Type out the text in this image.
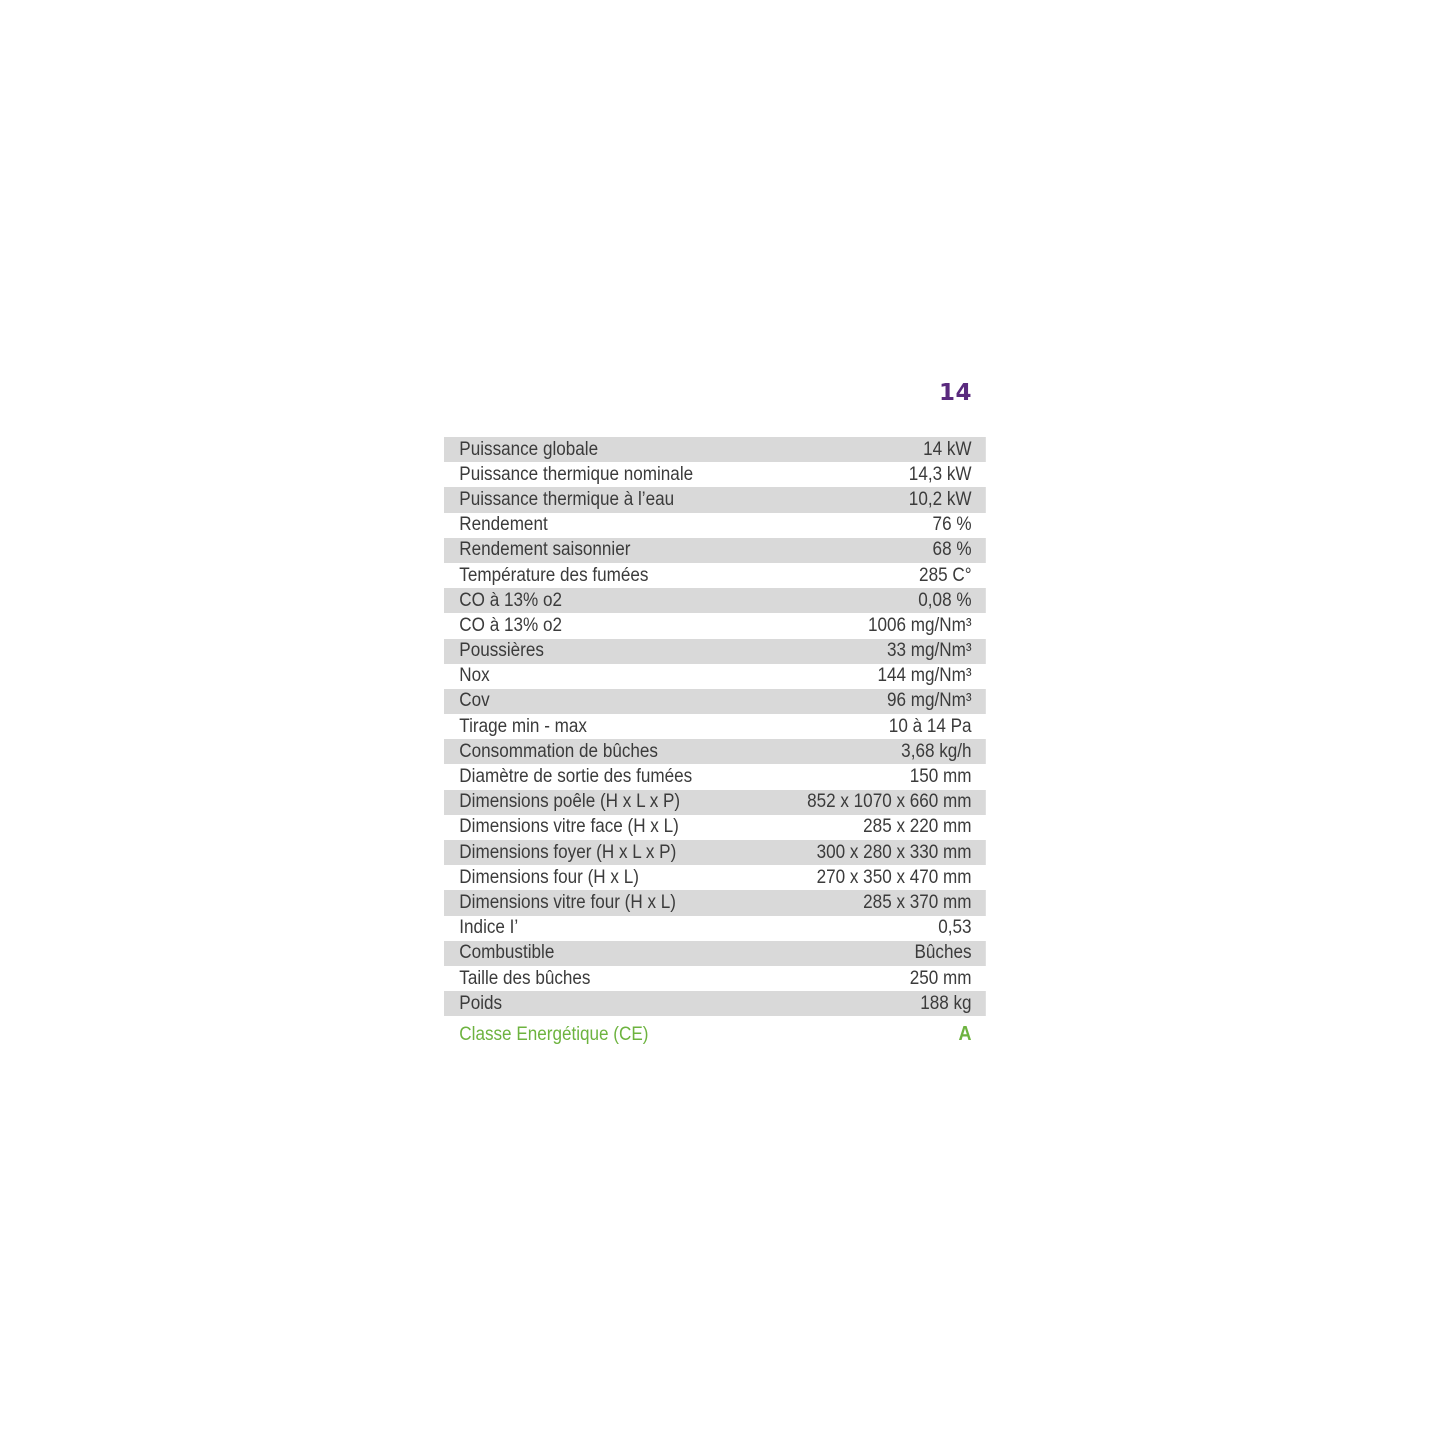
14
Puissance globale	14 kW
Puissance thermique nominale	14,3 kW
Puissance thermique à l’eau	10,2 kW
Rendement	76 %
Rendement saisonnier	68 %
Température des fumées	285 C°
CO à 13% o2	0,08 %
CO à 13% o2	1006 mg/Nm³
Poussières	33 mg/Nm³
Nox	144 mg/Nm³
Cov	96 mg/Nm³
Tirage min - max	10 à 14 Pa
Consommation de bûches	3,68 kg/h
Diamètre de sortie des fumées	150 mm
Dimensions poêle (H x L x P)	852 x 1070 x 660 mm
Dimensions vitre face (H x L)	285 x 220 mm
Dimensions foyer (H x L x P)	300 x 280 x 330 mm
Dimensions four (H x L)	270 x 350 x 470 mm
Dimensions vitre four (H x L)	285 x 370 mm
Indice I’	0,53
Combustible	Bûches
Taille des bûches	250 mm
Poids	188 kg
Classe Energétique (CE)	A
